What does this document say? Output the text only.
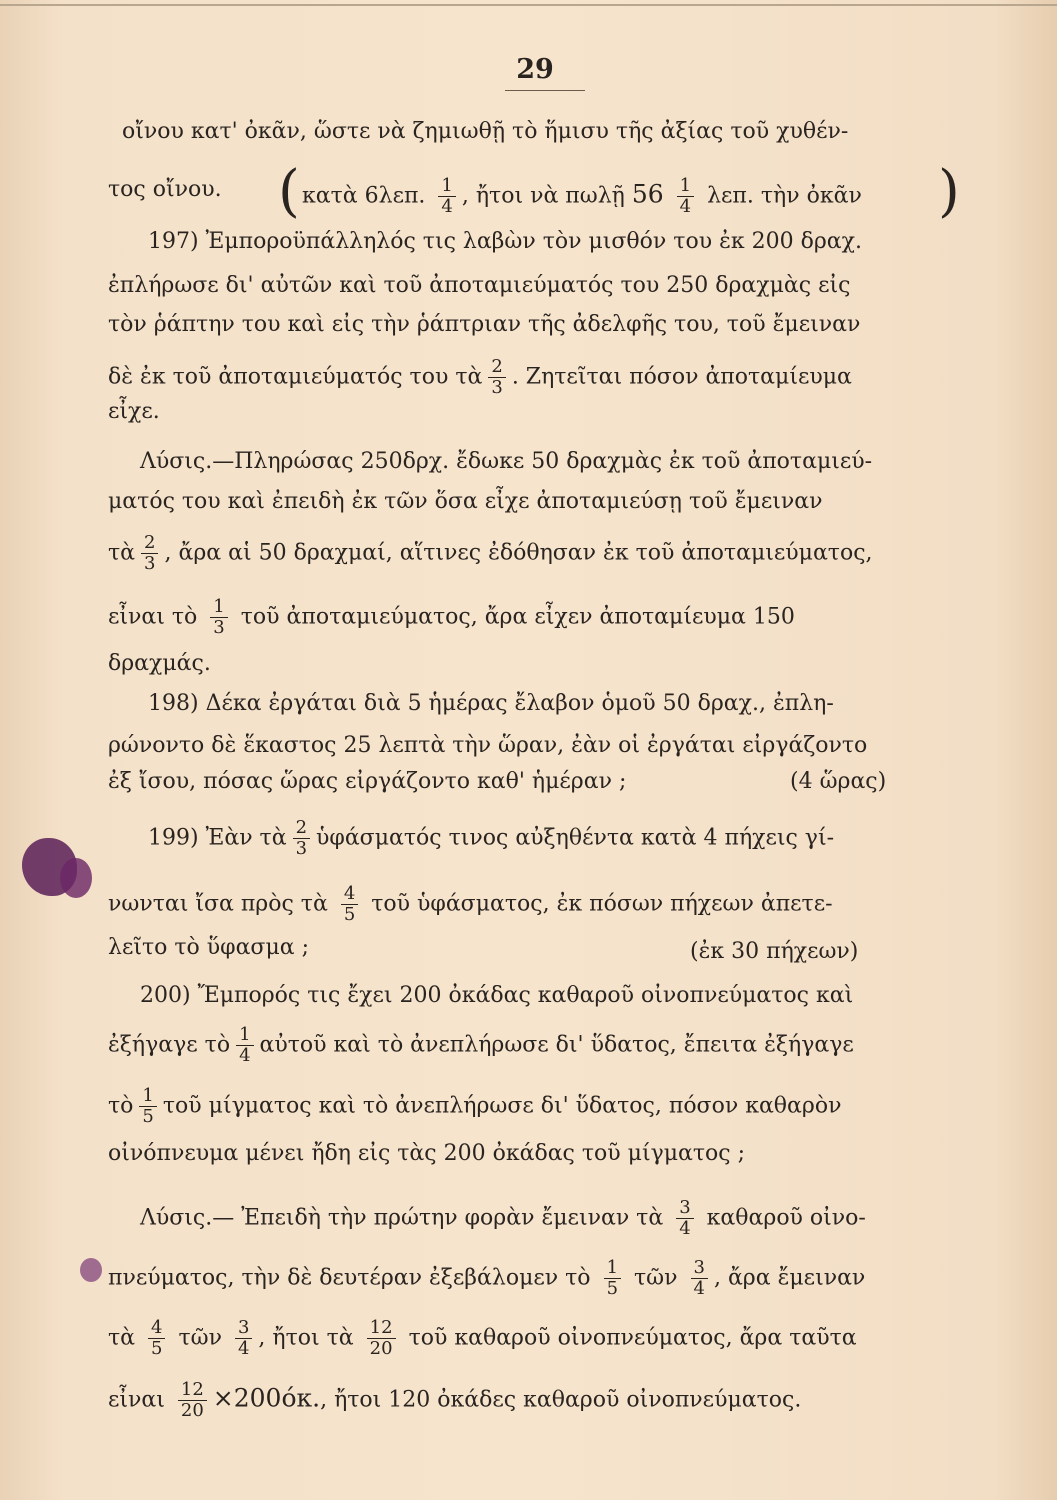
29
οἴνου κατ' ὀκᾶν, ὥστε νὰ ζημιωθῇ τὸ ἥμισυ τῆς ἀξίας τοῦ χυθέν-
τος οἴνου. ( κατὰ 6λεπ. $\frac{1}{4}$ , ἤτοι νὰ πωλῇ $56 \frac{1}{4} \lambda\varepsilon\pi$. τὴν ὀκᾶν )
197) Ἐμποροϋπάλληλός τις λαβὼν τὸν μισθόν του ἐκ 200 δραχ.
ἐπλήρωσε δι' αὐτῶν καὶ τοῦ ἀποταμιεύματός του 250 δραχμὰς εἰς
τὸν ῥάπτην του καὶ εἰς τὴν ῥάπτριαν τῆς ἀδελφῆς του, τοῦ ἔμειναν
δὲ ἐκ τοῦ ἀποταμιεύματός του τὰ $\frac{2}{3}$ . Ζητεῖται πόσον ἀποταμίευμα
εἶχε.
Λύσις.—Πληρώσας 250δρχ. ἔδωκε 50 δραχμὰς ἐκ τοῦ ἀποταμιεύ-
ματός του καὶ ἐπειδὴ ἐκ τῶν ὅσα εἶχε ἀποταμιεύσῃ τοῦ ἔμειναν
τὰ $\frac{2}{3}$ , ἄρα αἱ 50 δραχμαί, αἵτινες ἐδόθησαν ἐκ τοῦ ἀποταμιεύματος,
εἶναι τὸ $\frac{1}{3}$ τοῦ ἀποταμιεύματος, ἄρα εἶχεν ἀποταμίευμα 150
δραχμάς.
198) Δέκα ἐργάται διὰ 5 ἡμέρας ἔλαβον ὁμοῦ 50 δραχ., ἐπλη-
ρώνοντο δὲ ἕκαστος 25 λεπτὰ τὴν ὥραν, ἐὰν οἱ ἐργάται εἰργάζοντο
ἐξ ἴσου, πόσας ὥρας εἰργάζοντο καθ' ἡμέραν ;	(4 ὥρας)
199) Ἐὰν τὰ $\frac{2}{3}$ ὑφάσματός τινος αὐξηθέντα κατὰ 4 πήχεις γί-
νωνται ἴσα πρὸς τὰ $\frac{4}{5}$ τοῦ ὑφάσματος, ἐκ πόσων πήχεων ἀπετε-
λεῖτο τὸ ὕφασμα ;	(ἐκ 30 πήχεων)
200) Ἔμπορός τις ἔχει 200 ὀκάδας καθαροῦ οἰνοπνεύματος καὶ
ἐξήγαγε τὸ $\frac{1}{4}$ αὐτοῦ καὶ τὸ ἀνεπλήρωσε δι' ὕδατος, ἔπειτα ἐξήγαγε
τὸ $\frac{1}{5}$ τοῦ μίγματος καὶ τὸ ἀνεπλήρωσε δι' ὕδατος, πόσον καθαρὸν
οἰνόπνευμα μένει ἤδη εἰς τὰς 200 ὀκάδας τοῦ μίγματος ;
Λύσις.— Ἐπειδὴ τὴν πρώτην φορὰν ἔμειναν τὰ $\frac{3}{4}$ καθαροῦ οἰνο-
πνεύματος, τὴν δὲ δευτέραν ἐξεβάλομεν τὸ $\frac{1}{5}$ τῶν $\frac{3}{4}$ , ἄρα ἔμειναν
τὰ $\frac{4}{5}$ τῶν $\frac{3}{4}$ , ἤτοι τὰ $\frac{12}{20}$ τοῦ καθαροῦ οἰνοπνεύματος, ἄρα ταῦτα
εἶναι $\frac{12}{20} \times 200ό\kappa$., ἤτοι 120 ὀκάδες καθαροῦ οἰνοπνεύματος.
